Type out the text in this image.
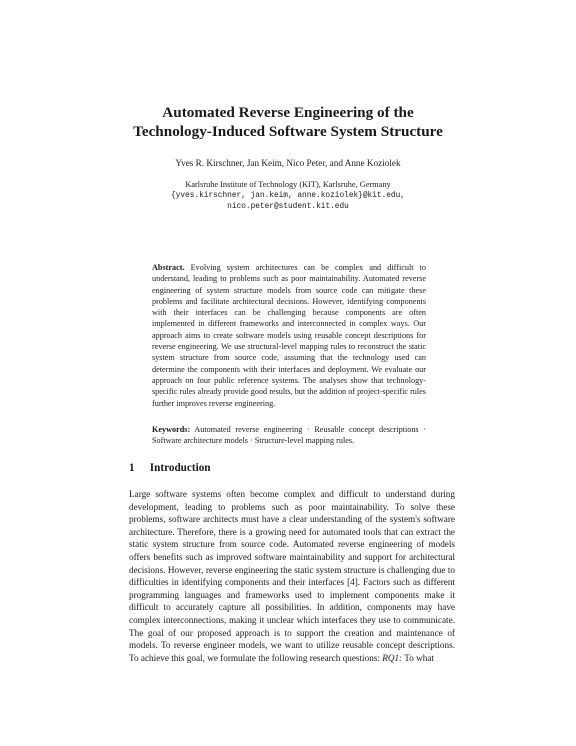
Automated Reverse Engineering of the
Technology-Induced Software System Structure
Yves R. Kirschner, Jan Keim, Nico Peter, and Anne Koziolek
Karlsruhe Institute of Technology (KIT), Karlsruhe, Germany
{yves.kirschner, jan.keim, anne.koziolek}@kit.edu,
nico.peter@student.kit.edu
Abstract. Evolving system architectures can be complex and difficult to understand, leading to problems such as poor maintainability. Automated reverse engineering of system structure models from source code can mitigate these problems and facilitate architectural decisions. However, identifying components with their interfaces can be challenging because components are often implemented in different frameworks and interconnected in complex ways. Our approach aims to create software models using reusable concept descriptions for reverse engineering. We use structural-level mapping rules to reconstruct the static system structure from source code, assuming that the technology used can determine the components with their interfaces and deployment. We evaluate our approach on four public reference systems. The analyses show that technology-specific rules already provide good results, but the addition of project-specific rules further improves reverse engineering.
Keywords: Automated reverse engineering · Reusable concept descriptions · Software architecture models · Structure-level mapping rules.
1 Introduction
Large software systems often become complex and difficult to understand during development, leading to problems such as poor maintainability. To solve these problems, software architects must have a clear understanding of the system's software architecture. Therefore, there is a growing need for automated tools that can extract the static system structure from source code. Automated reverse engineering of models offers benefits such as improved software maintainability and support for architectural decisions. However, reverse engineering the static system structure is challenging due to difficulties in identifying components and their interfaces [4]. Factors such as different programming languages and frameworks used to implement components make it difficult to accurately capture all possibilities. In addition, components may have complex interconnections, making it unclear which interfaces they use to communicate. The goal of our proposed approach is to support the creation and maintenance of models. To reverse engineer models, we want to utilize reusable concept descriptions. To achieve this goal, we formulate the following research questions: RQ1: To what
